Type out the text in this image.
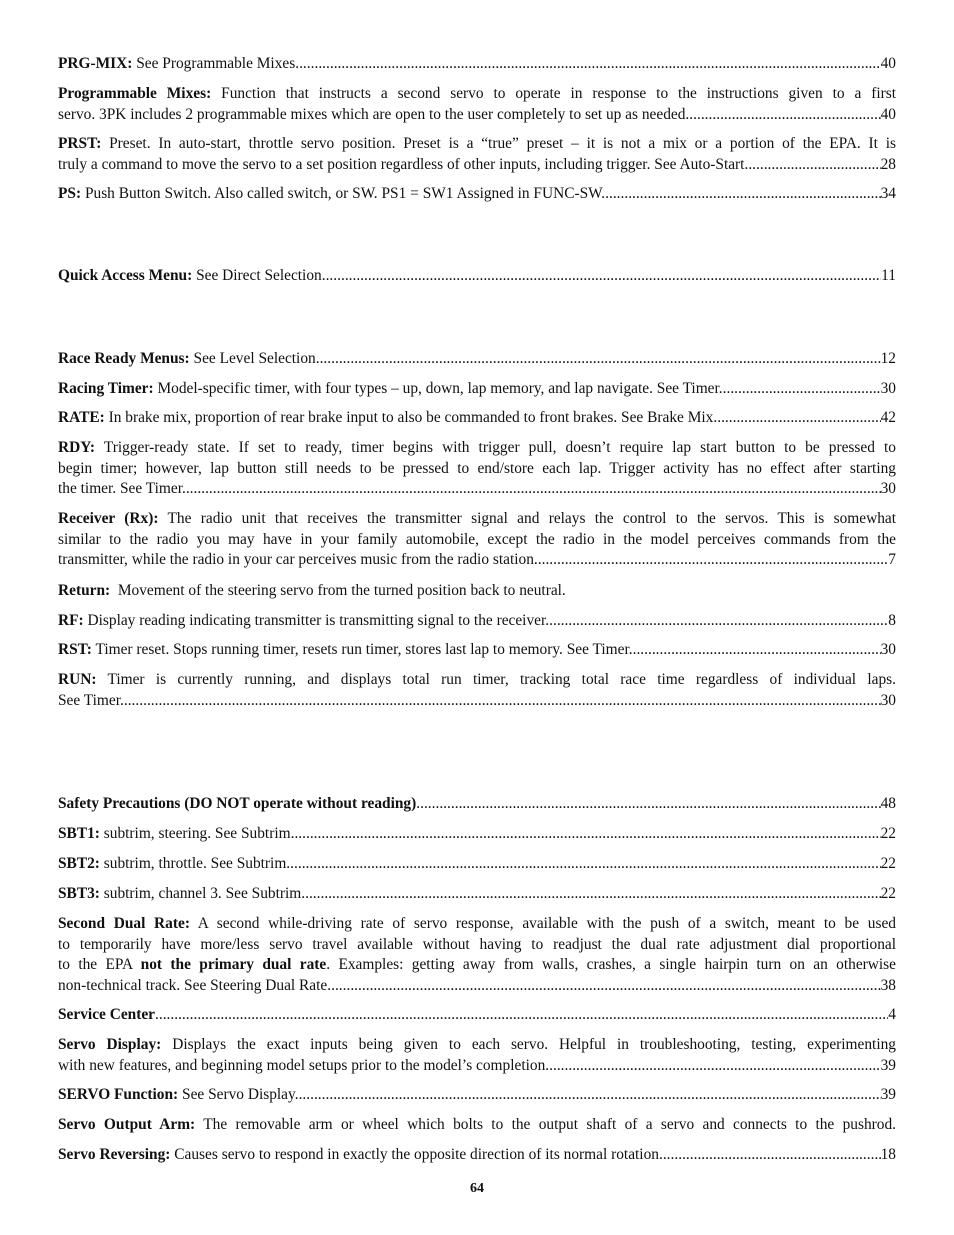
PRG-MIX: See Programmable Mixes .....	40
Programmable Mixes: Function that instructs a second servo to operate in response to the instructions given to a first
servo. 3PK includes 2 programmable mixes which are open to the user completely to set up as needed. .....	40
PRST: Preset. In auto-start, throttle servo position. Preset is a “true” preset – it is not a mix or a portion of the EPA. It is
truly a command to move the servo to a set position regardless of other inputs, including trigger. See Auto-Start. .....	28
PS: Push Button Switch. Also called switch, or SW. PS1 = SW1 Assigned in FUNC-SW. .....	34
Quick Access Menu: See Direct Selection. .....	11
Race Ready Menus: See Level Selection. .....	12
Racing Timer: Model-specific timer, with four types – up, down, lap memory, and lap navigate. See Timer. .....	30
RATE: In brake mix, proportion of rear brake input to also be commanded to front brakes. See Brake Mix. .....	42
RDY: Trigger-ready state. If set to ready, timer begins with trigger pull, doesn’t require lap start button to be pressed to
begin timer; however, lap button still needs to be pressed to end/store each lap. Trigger activity has no effect after starting
the timer. See Timer. .....	30
Receiver (Rx): The radio unit that receives the transmitter signal and relays the control to the servos. This is somewhat
similar to the radio you may have in your family automobile, except the radio in the model perceives commands from the
transmitter, while the radio in your car perceives music from the radio station. .....	7
Return:  Movement of the steering servo from the turned position back to neutral.
RF: Display reading indicating transmitter is transmitting signal to the receiver. .....	8
RST: Timer reset. Stops running timer, resets run timer, stores last lap to memory. See Timer. .....	30
RUN: Timer is currently running, and displays total run timer, tracking total race time regardless of individual laps.
See Timer. .....	30
Safety Precautions (DO NOT operate without reading) .....	48
SBT1: subtrim, steering. See Subtrim. .....	22
SBT2: subtrim, throttle. See Subtrim. .....	22
SBT3: subtrim, channel 3. See Subtrim. .....	22
Second Dual Rate: A second while-driving rate of servo response, available with the push of a switch, meant to be used
to temporarily have more/less servo travel available without having to readjust the dual rate adjustment dial proportional
to the EPA not the primary dual rate. Examples: getting away from walls, crashes, a single hairpin turn on an otherwise
non-technical track. See Steering Dual Rate. .....	38
Service Center .....	4
Servo Display: Displays the exact inputs being given to each servo. Helpful in troubleshooting, testing, experimenting
with new features, and beginning model setups prior to the model’s completion. .....	39
SERVO Function: See Servo Display. .....	39
Servo Output Arm: The removable arm or wheel which bolts to the output shaft of a servo and connects to the pushrod.
Servo Reversing: Causes servo to respond in exactly the opposite direction of its normal rotation. .....	18
64
